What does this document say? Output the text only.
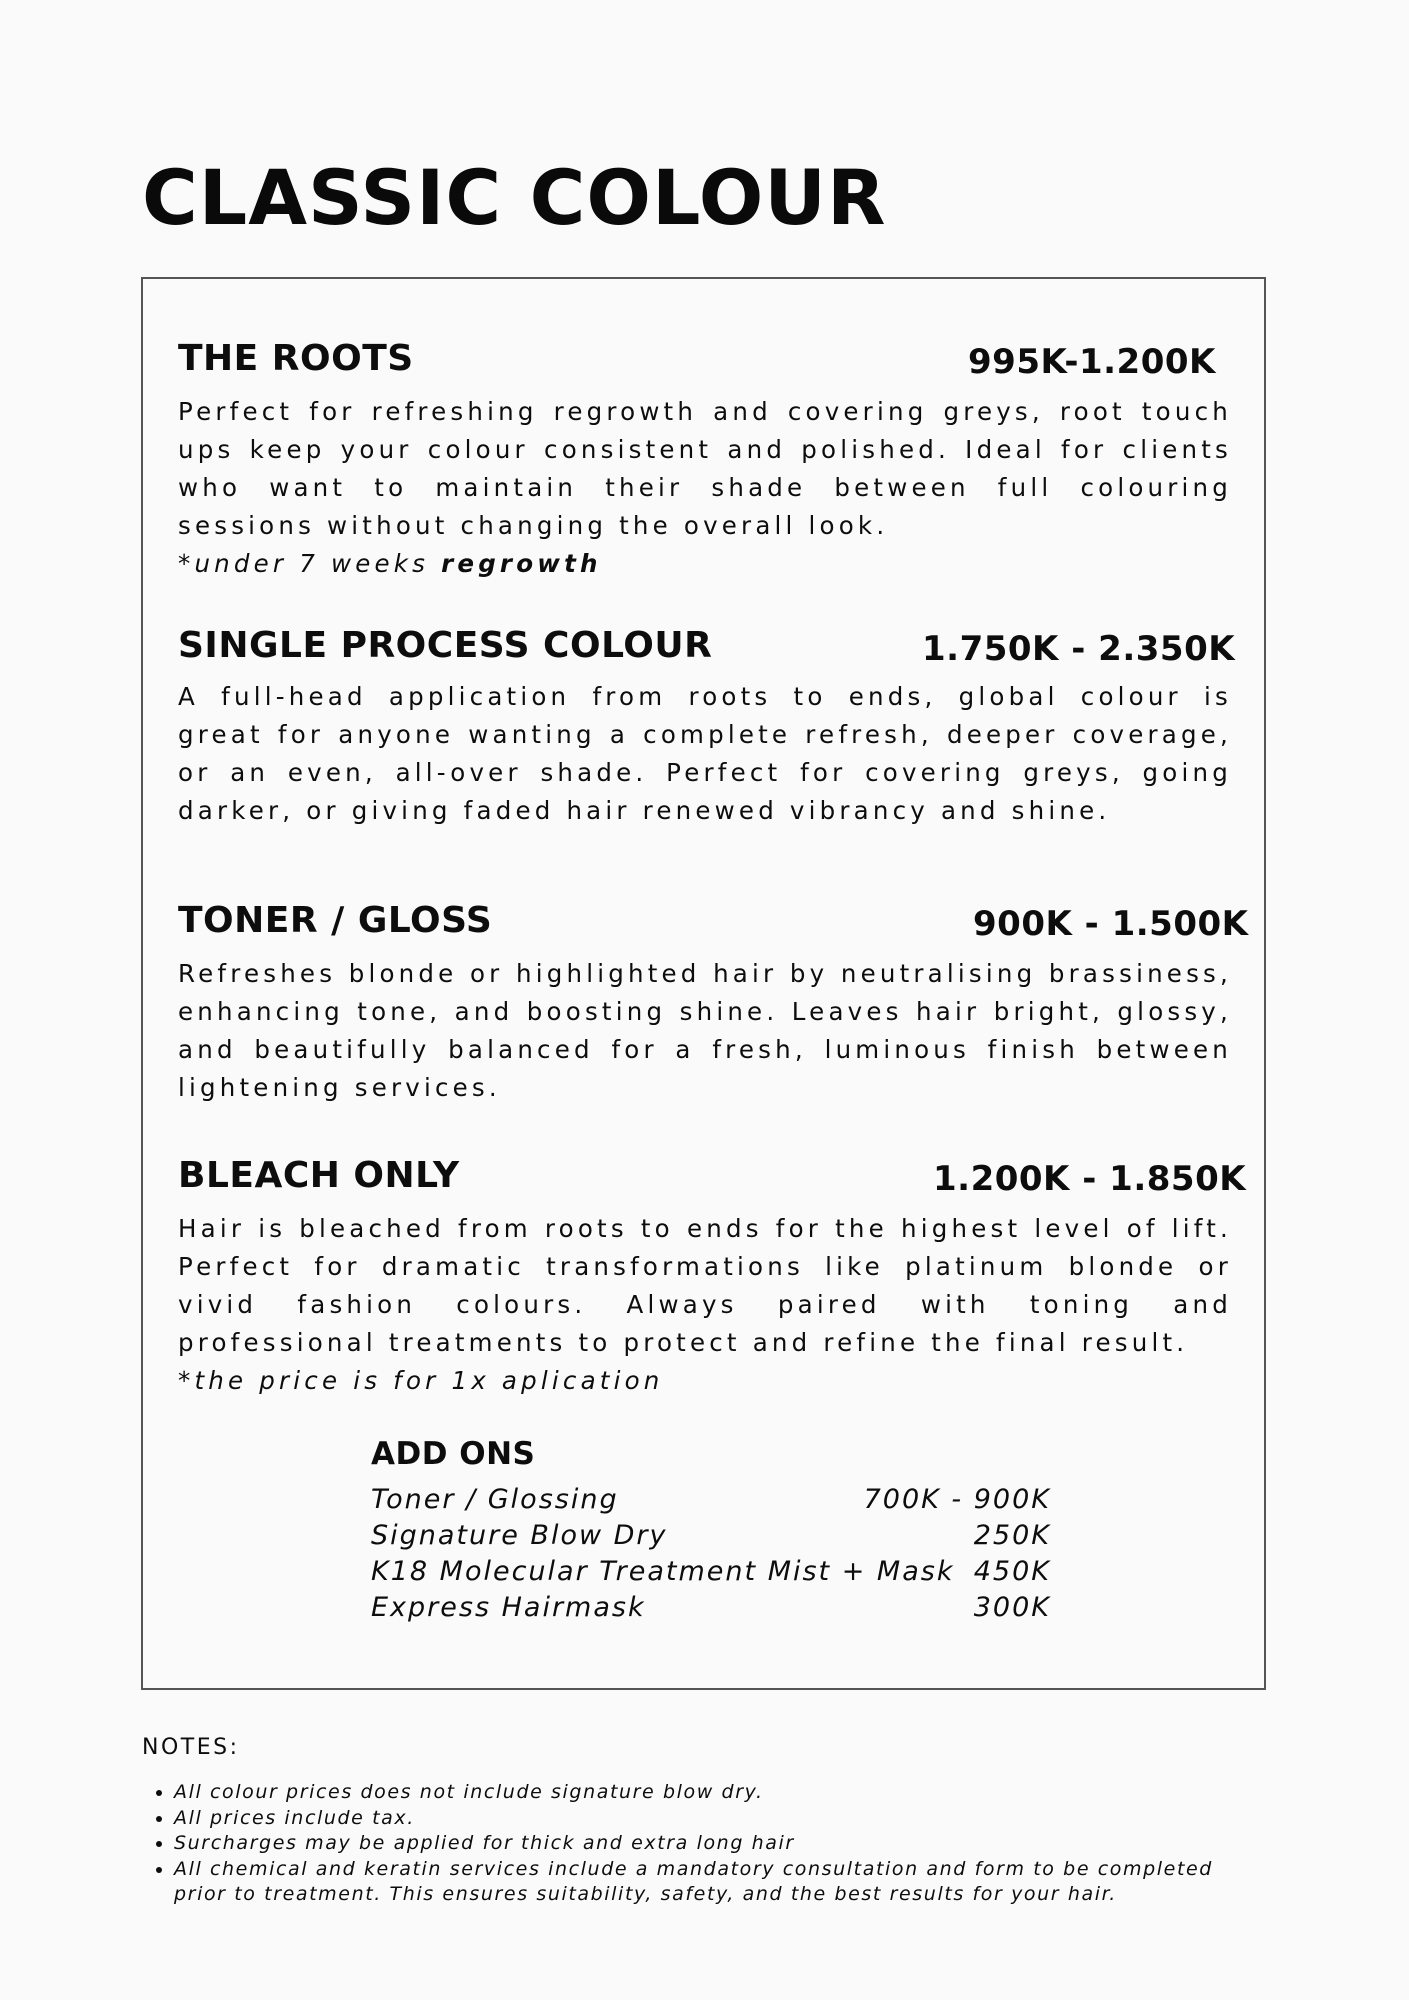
CLASSIC COLOUR
THE ROOTS	995K-1.200K

Perfect for refreshing regrowth and covering greys, root touch ups keep your colour consistent and polished. Ideal for clients who want to maintain their shade between full colouring sessions without changing the overall look.

*under 7 weeks regrowth

SINGLE PROCESS COLOUR	1.750K - 2.350K

A full-head application from roots to ends, global colour is great for anyone wanting a complete refresh, deeper coverage, or an even, all-over shade. Perfect for covering greys, going darker, or giving faded hair renewed vibrancy and shine.

TONER / GLOSS	900K - 1.500K

Refreshes blonde or highlighted hair by neutralising brassiness, enhancing tone, and boosting shine. Leaves hair bright, glossy, and beautifully balanced for a fresh, luminous finish between lightening services.

BLEACH ONLY	1.200K - 1.850K

Hair is bleached from roots to ends for the highest level of lift. Perfect for dramatic transformations like platinum blonde or vivid fashion colours. Always paired with toning and professional treatments to protect and refine the final result.

*the price is for 1x aplication

ADD ONS
Toner / Glossing	700K - 900K
Signature Blow Dry	250K
K18 Molecular Treatment Mist + Mask 450K
Express Hairmask	300K

NOTES:

• All colour prices does not include signature blow dry.
• All prices include tax.
• Surcharges may be applied for thick and extra long hair
• All chemical and keratin services include a mandatory consultation and form to be completed prior to treatment. This ensures suitability, safety, and the best results for your hair.
